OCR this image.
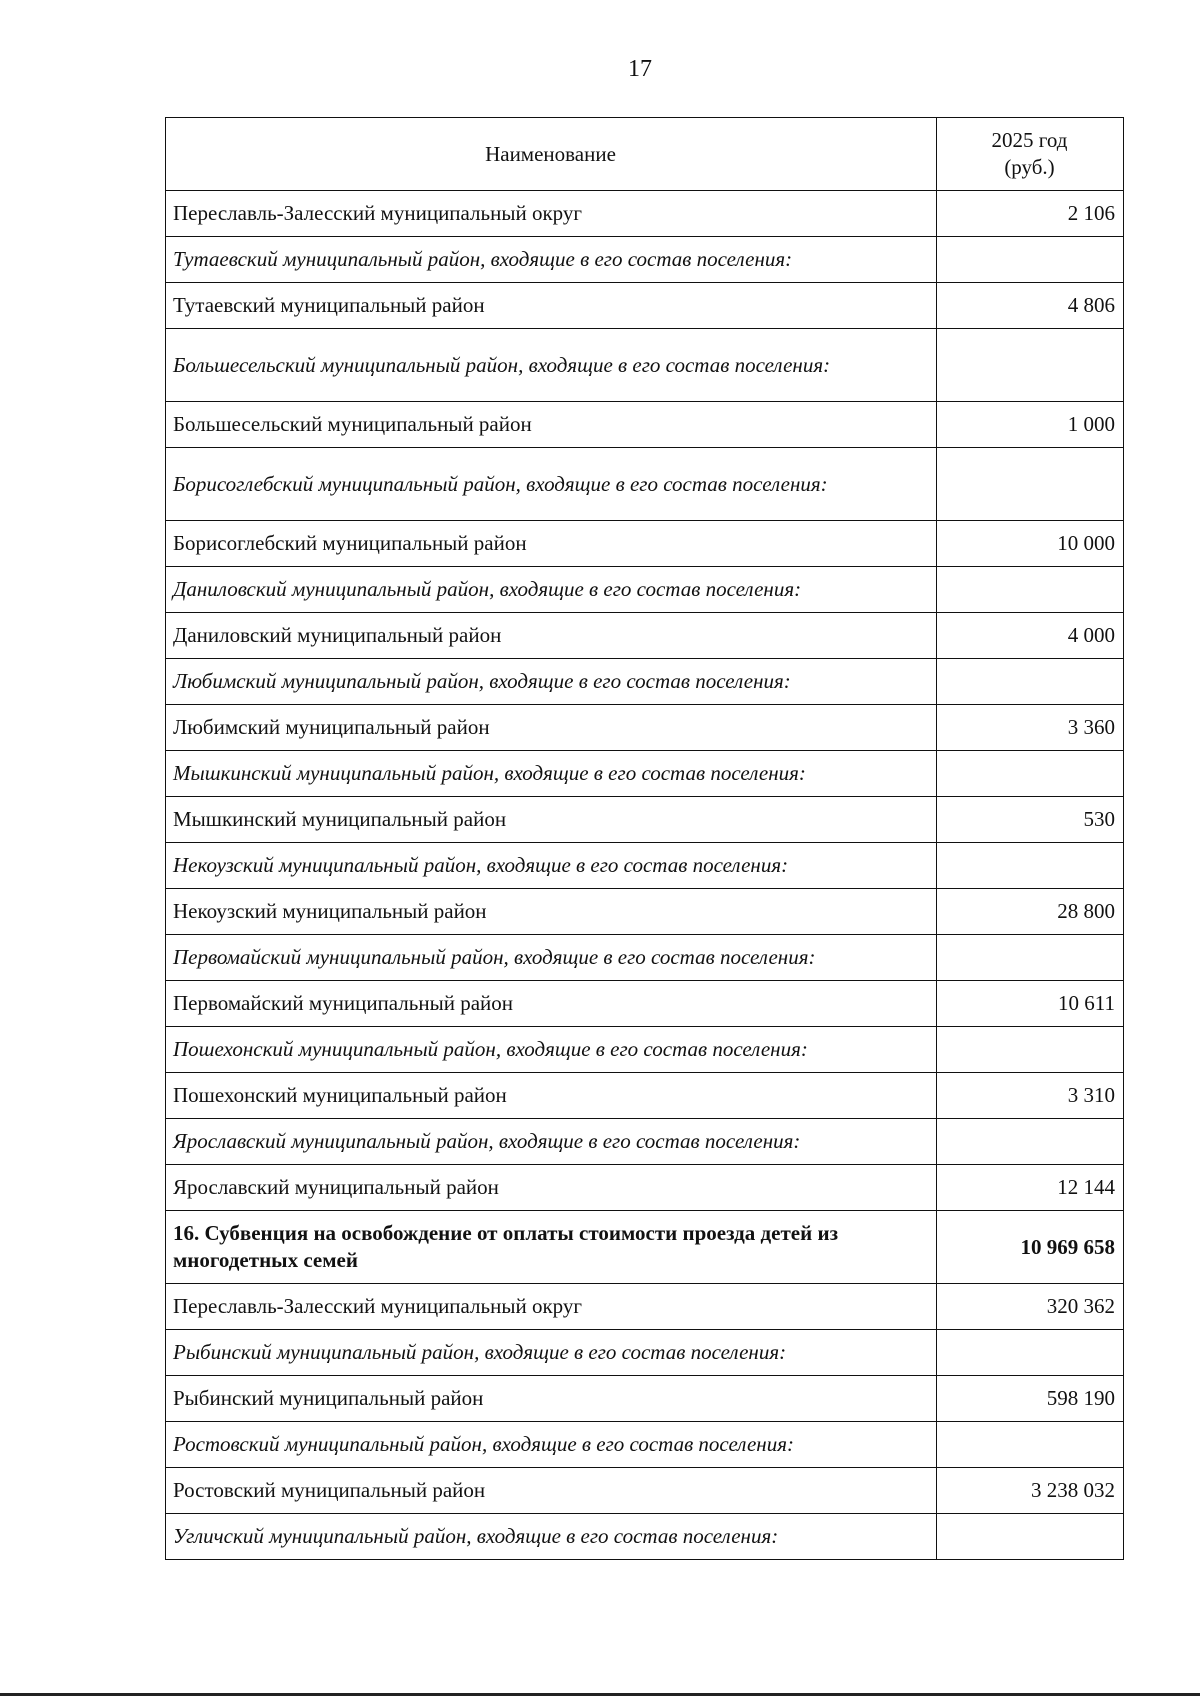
17
Наименование	2025 год
(руб.)

Переславль-Залесский муниципальный округ	2 106
Тутаевский муниципальный район, входящие в его состав поселения:	
Тутаевский муниципальный район	4 806
Большесельский муниципальный район, входящие в его состав поселения:	
Большесельский муниципальный район	1 000
Борисоглебский муниципальный район, входящие в его состав поселения:	
Борисоглебский муниципальный район	10 000
Даниловский муниципальный район, входящие в его состав поселения:	
Даниловский муниципальный район	4 000
Любимский муниципальный район, входящие в его состав поселения:	
Любимский муниципальный район	3 360
Мышкинский муниципальный район, входящие в его состав поселения:	
Мышкинский муниципальный район	530
Некоузский муниципальный район, входящие в его состав поселения:	
Некоузский муниципальный район	28 800
Первомайский муниципальный район, входящие в его состав поселения:	
Первомайский муниципальный район	10 611
Пошехонский муниципальный район, входящие в его состав поселения:	
Пошехонский муниципальный район	3 310
Ярославский муниципальный район, входящие в его состав поселения:	
Ярославский муниципальный район	12 144
16. Субвенция на освобождение от оплаты стоимости проезда детей из многодетных семей	10 969 658
Переславль-Залесский муниципальный округ	320 362
Рыбинский муниципальный район, входящие в его состав поселения:	
Рыбинский муниципальный район	598 190
Ростовский муниципальный район, входящие в его состав поселения:	
Ростовский муниципальный район	3 238 032
Угличский муниципальный район, входящие в его состав поселения:	
